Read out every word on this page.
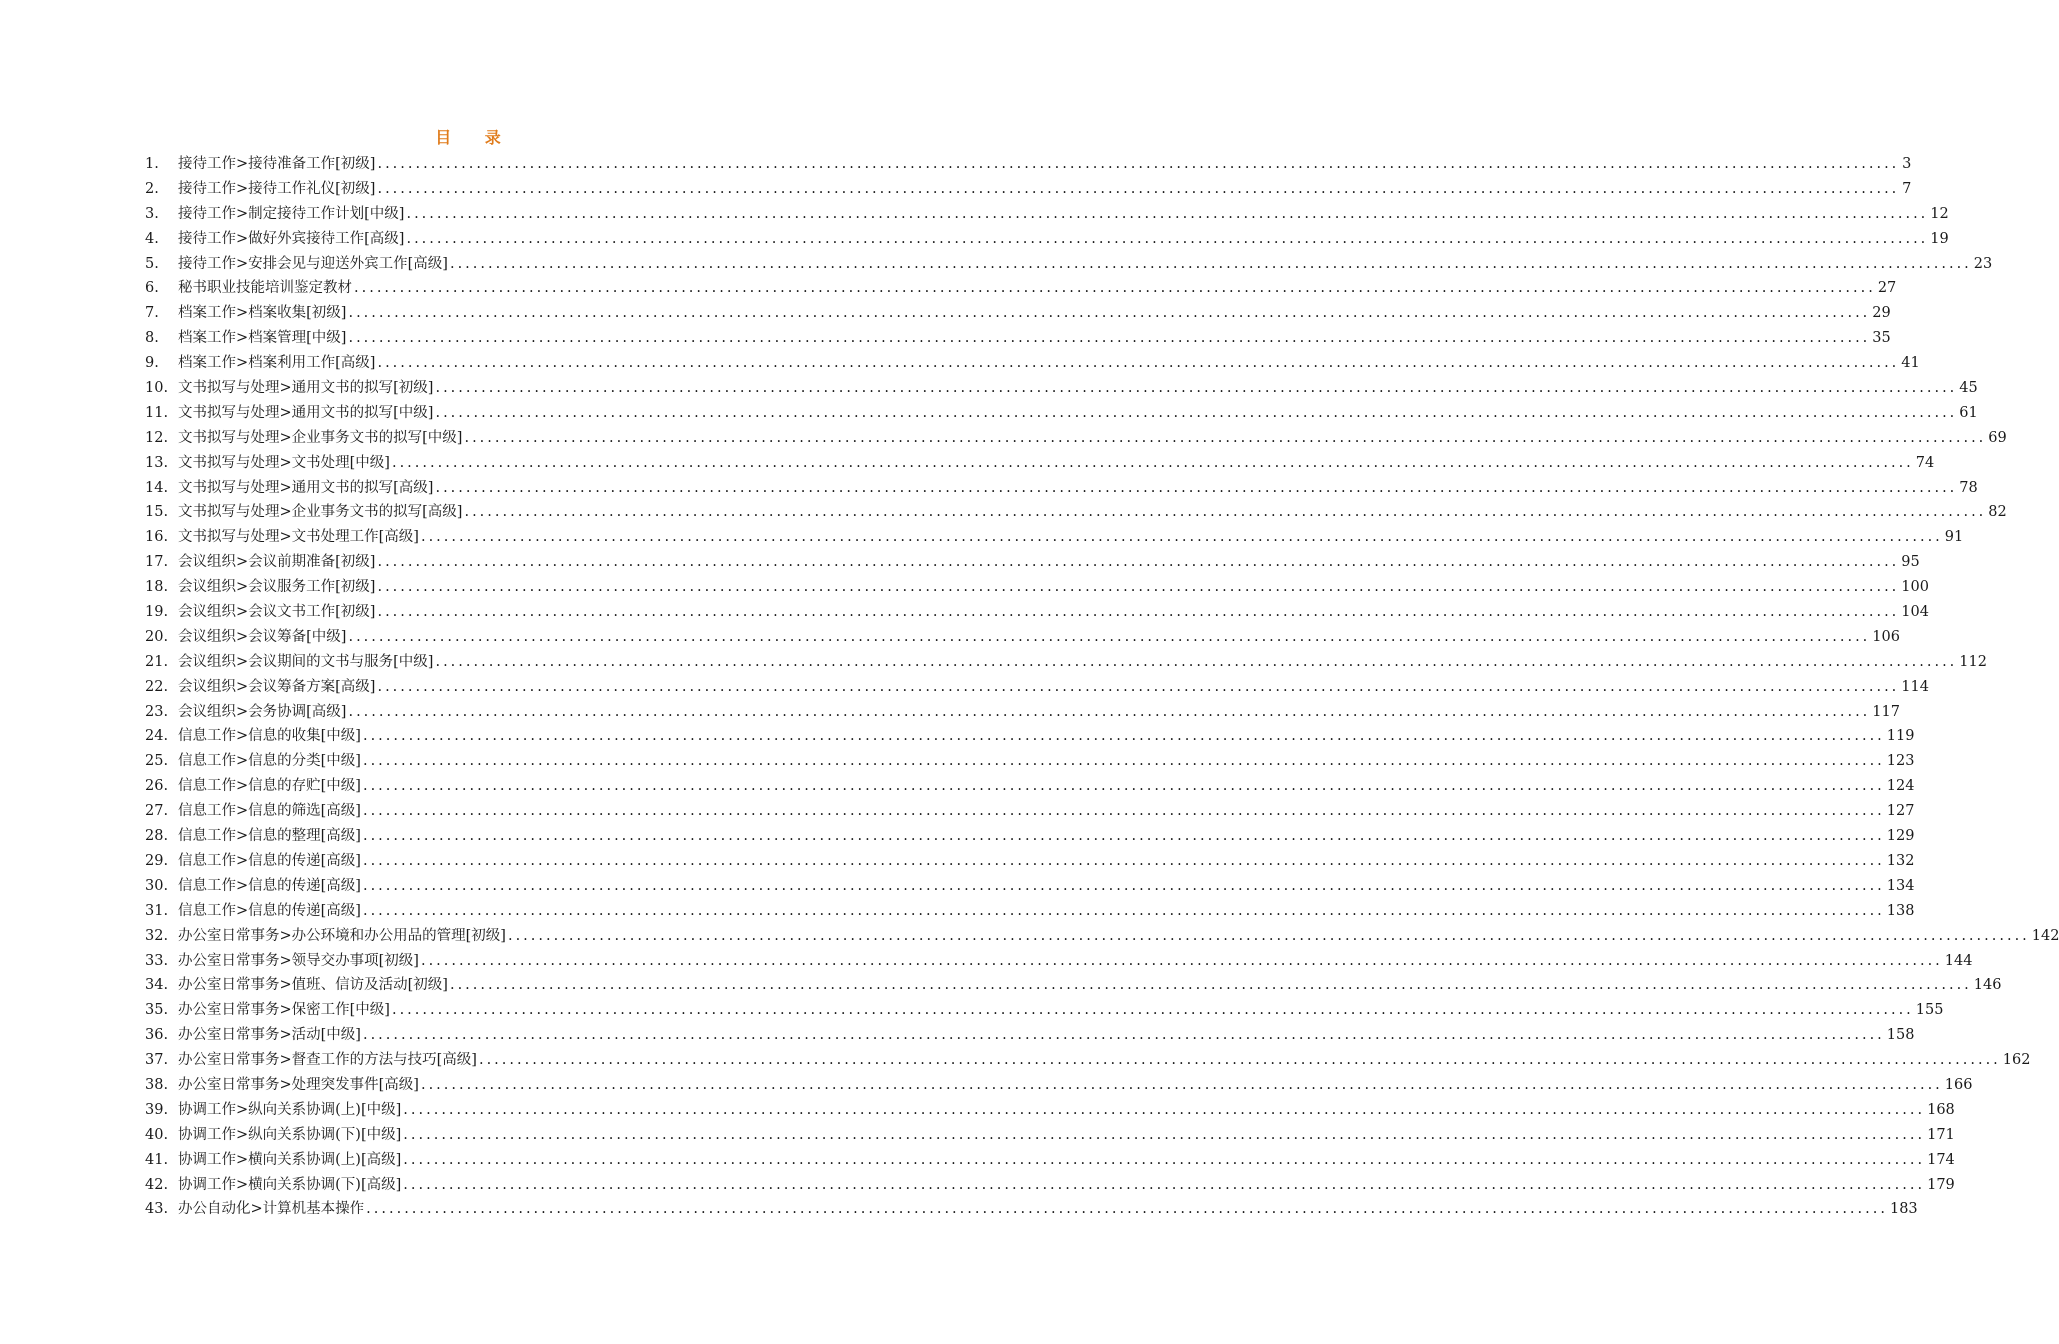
目 录
1.	接待工作>接待准备工作[初级] ........................................................................................................................................................................................................ 3
2.	接待工作>接待工作礼仪[初级] ........................................................................................................................................................................................................ 7
3.	接待工作>制定接待工作计划[中级] ........................................................................................................................................................................................................ 12
4.	接待工作>做好外宾接待工作[高级] ........................................................................................................................................................................................................ 19
5.	接待工作>安排会见与迎送外宾工作[高级] ........................................................................................................................................................................................................ 23
6.	秘书职业技能培训鉴定教材 ........................................................................................................................................................................................................ 27
7.	档案工作>档案收集[初级] ........................................................................................................................................................................................................ 29
8.	档案工作>档案管理[中级] ........................................................................................................................................................................................................ 35
9.	档案工作>档案利用工作[高级] ........................................................................................................................................................................................................ 41
10. 文书拟写与处理>通用文书的拟写[初级] ........................................................................................................................................................................................................ 45
11. 文书拟写与处理>通用文书的拟写[中级] ........................................................................................................................................................................................................ 61
12. 文书拟写与处理>企业事务文书的拟写[中级] ........................................................................................................................................................................................................ 69
13. 文书拟写与处理>文书处理[中级] ........................................................................................................................................................................................................ 74
14. 文书拟写与处理>通用文书的拟写[高级] ........................................................................................................................................................................................................ 78
15. 文书拟写与处理>企业事务文书的拟写[高级] ........................................................................................................................................................................................................ 82
16. 文书拟写与处理>文书处理工作[高级] ........................................................................................................................................................................................................ 91
17. 会议组织>会议前期准备[初级] ........................................................................................................................................................................................................ 95
18. 会议组织>会议服务工作[初级] ........................................................................................................................................................................................................ 100
19. 会议组织>会议文书工作[初级] ........................................................................................................................................................................................................ 104
20. 会议组织>会议筹备[中级] ........................................................................................................................................................................................................ 106
21. 会议组织>会议期间的文书与服务[中级] ........................................................................................................................................................................................................ 112
22. 会议组织>会议筹备方案[高级] ........................................................................................................................................................................................................ 114
23. 会议组织>会务协调[高级] ........................................................................................................................................................................................................ 117
24. 信息工作>信息的收集[中级] ........................................................................................................................................................................................................ 119
25. 信息工作>信息的分类[中级] ........................................................................................................................................................................................................ 123
26. 信息工作>信息的存贮[中级] ........................................................................................................................................................................................................ 124
27. 信息工作>信息的筛选[高级] ........................................................................................................................................................................................................ 127
28. 信息工作>信息的整理[高级] ........................................................................................................................................................................................................ 129
29. 信息工作>信息的传递[高级] ........................................................................................................................................................................................................ 132
30. 信息工作>信息的传递[高级] ........................................................................................................................................................................................................ 134
31. 信息工作>信息的传递[高级] ........................................................................................................................................................................................................ 138
32. 办公室日常事务>办公环境和办公用品的管理[初级] ........................................................................................................................................................................................................ 142
33. 办公室日常事务>领导交办事项[初级] ........................................................................................................................................................................................................ 144
34. 办公室日常事务>值班、信访及活动[初级] ........................................................................................................................................................................................................ 146
35. 办公室日常事务>保密工作[中级] ........................................................................................................................................................................................................ 155
36. 办公室日常事务>活动[中级] ........................................................................................................................................................................................................ 158
37. 办公室日常事务>督查工作的方法与技巧[高级] ........................................................................................................................................................................................................ 162
38. 办公室日常事务>处理突发事件[高级] ........................................................................................................................................................................................................ 166
39. 协调工作>纵向关系协调(上)[中级] ........................................................................................................................................................................................................ 168
40. 协调工作>纵向关系协调(下)[中级] ........................................................................................................................................................................................................ 171
41. 协调工作>横向关系协调(上)[高级] ........................................................................................................................................................................................................ 174
42. 协调工作>横向关系协调(下)[高级] ........................................................................................................................................................................................................ 179
43. 办公自动化>计算机基本操作 ........................................................................................................................................................................................................ 183
